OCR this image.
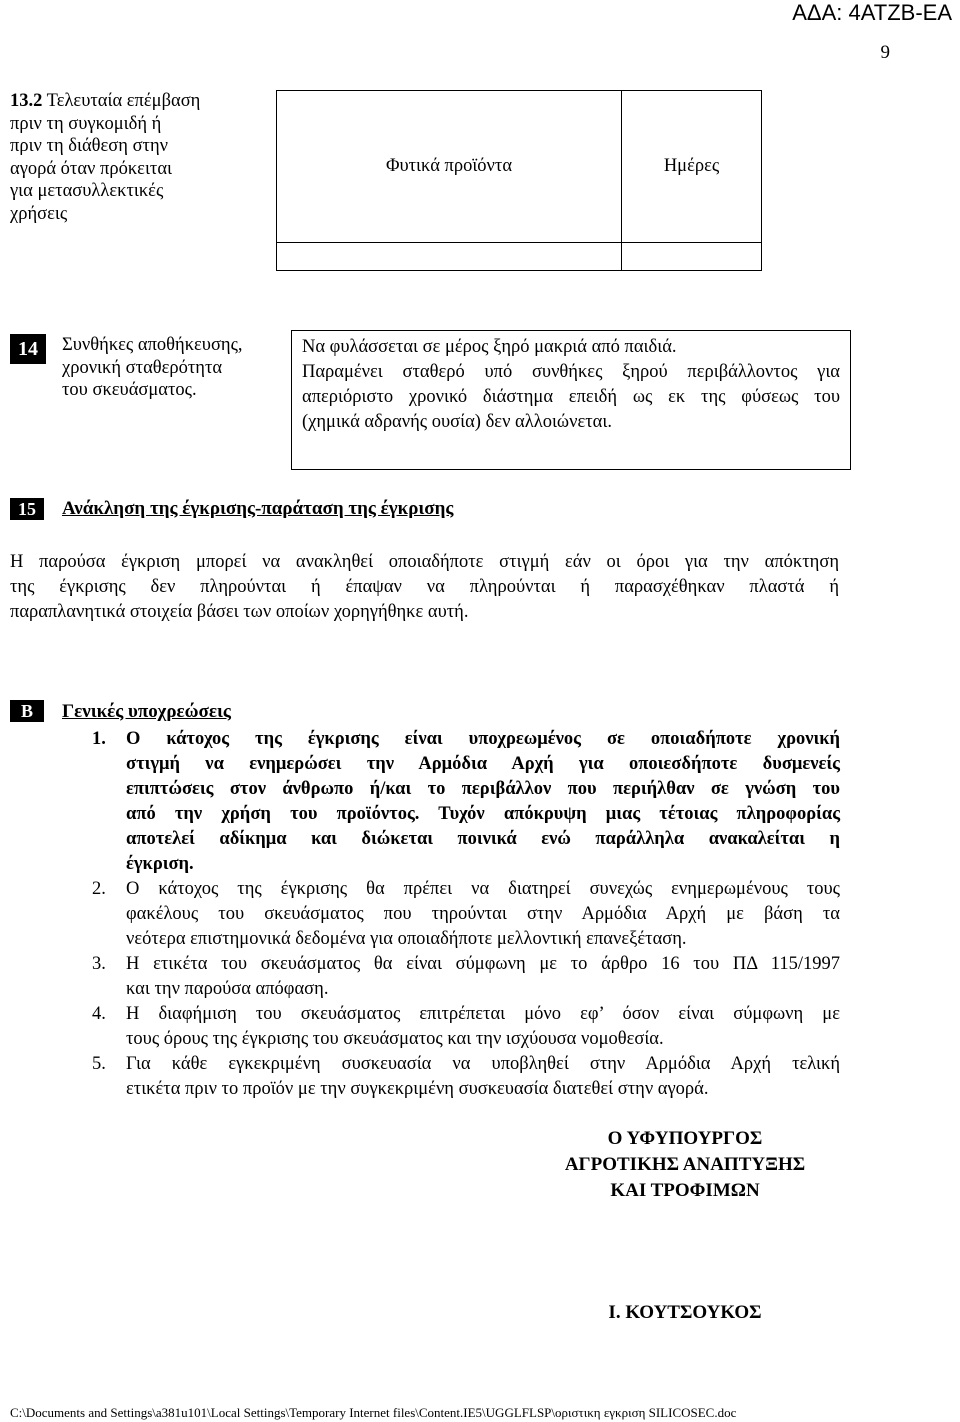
ΑΔΑ: 4ΑΤΖΒ-ΕΑ
9
13.2 Τελευταία επέμβαση
πριν τη συγκομιδή ή
πριν τη διάθεση στην
αγορά όταν πρόκειται
για μετασυλλεκτικές
χρήσεις
Φυτικά προϊόντα	Ημέρες

14	Συνθήκες αποθήκευσης,
χρονική σταθερότητα
του σκευάσματος.
Να φυλάσσεται σε μέρος ξηρό μακριά από παιδιά.
Παραμένει σταθερό υπό συνθήκες ξηρού περιβάλλοντος για
απεριόριστο χρονικό διάστημα επειδή ως εκ της φύσεως του
(χημικά αδρανής ουσία) δεν αλλοιώνεται.
15	Ανάκληση της έγκρισης-παράταση της έγκρισης
Η παρούσα έγκριση μπορεί να ανακληθεί οποιαδήποτε στιγμή εάν οι όροι για την απόκτηση
της έγκρισης δεν πληρούνται ή έπαψαν να πληρούνται ή παρασχέθηκαν πλαστά ή
παραπλανητικά στοιχεία βάσει των οποίων χορηγήθηκε αυτή.
Β	Γενικές υποχρεώσεις
1. Ο κάτοχος της έγκρισης είναι υποχρεωμένος σε οποιαδήποτε χρονική
στιγμή να ενημερώσει την Αρμόδια Αρχή για οποιεσδήποτε δυσμενείς
επιπτώσεις στον άνθρωπο ή/και το περιβάλλον που περιήλθαν σε γνώση του
από την χρήση του προϊόντος. Τυχόν απόκρυψη μιας τέτοιας πληροφορίας
αποτελεί αδίκημα και διώκεται ποινικά ενώ παράλληλα ανακαλείται η
έγκριση.
2. Ο κάτοχος της έγκρισης θα πρέπει να διατηρεί συνεχώς ενημερωμένους τους
φακέλους του σκευάσματος που τηρούνται στην Αρμόδια Αρχή με βάση τα
νεότερα επιστημονικά δεδομένα για οποιαδήποτε μελλοντική επανεξέταση.
3. Η ετικέτα του σκευάσματος θα είναι σύμφωνη με το άρθρο 16 του ΠΔ 115/1997
και την παρούσα απόφαση.
4. Η διαφήμιση του σκευάσματος επιτρέπεται μόνο εφ’ όσον είναι σύμφωνη με
τους όρους της έγκρισης του σκευάσματος και την ισχύουσα νομοθεσία.
5. Για κάθε εγκεκριμένη συσκευασία να υποβληθεί στην Αρμόδια Αρχή τελική
ετικέτα πριν το προϊόν με την συγκεκριμένη συσκευασία διατεθεί στην αγορά.
Ο ΥΦΥΠΟΥΡΓΟΣ
ΑΓΡΟΤΙΚΗΣ ΑΝΑΠΤΥΞΗΣ
ΚΑΙ ΤΡΟΦΙΜΩΝ
Ι. ΚΟΥΤΣΟΥΚΟΣ
C:\Documents and Settings\a381u101\Local Settings\Temporary Internet files\Content.IE5\UGGLFLSP\οριστικη εγκριση SILICOSEC.doc
